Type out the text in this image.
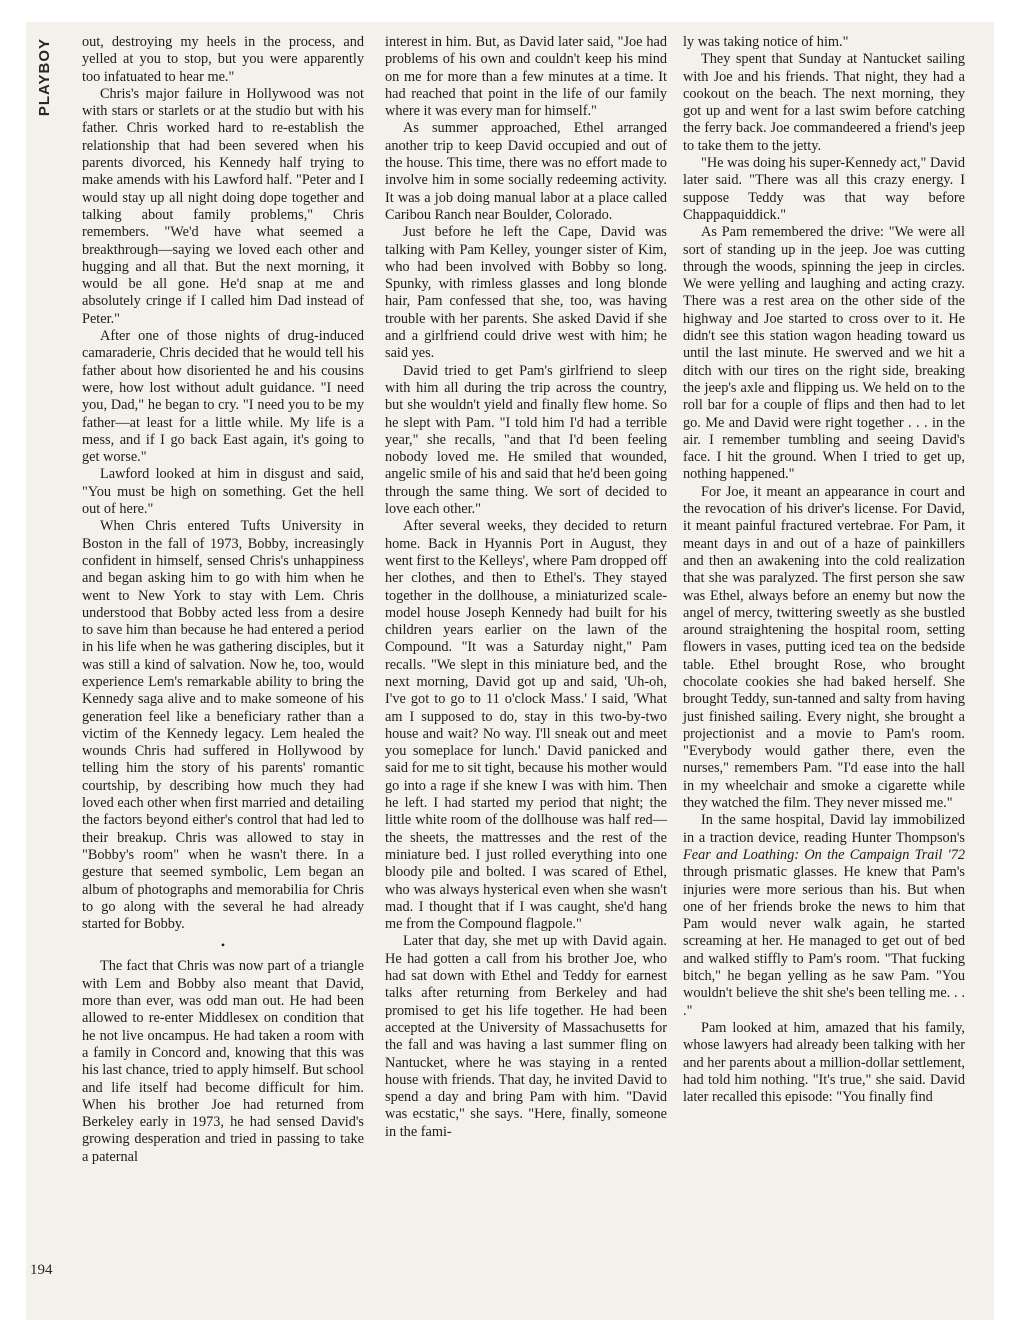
PLAYBOY
194

out, destroying my heels in the process, and yelled at you to stop, but you were apparently too infatuated to hear me."

Chris's major failure in Hollywood was not with stars or starlets or at the studio but with his father. Chris worked hard to re-establish the relationship that had been severed when his parents divorced, his Kennedy half trying to make amends with his Lawford half. "Peter and I would stay up all night doing dope together and talking about family problems," Chris remembers. "We'd have what seemed a breakthrough—saying we loved each other and hugging and all that. But the next morning, it would be all gone. He'd snap at me and absolutely cringe if I called him Dad instead of Peter."

After one of those nights of drug-induced camaraderie, Chris decided that he would tell his father about how disoriented he and his cousins were, how lost without adult guidance. "I need you, Dad," he began to cry. "I need you to be my father—at least for a little while. My life is a mess, and if I go back East again, it's going to get worse."

Lawford looked at him in disgust and said, "You must be high on something. Get the hell out of here."

When Chris entered Tufts University in Boston in the fall of 1973, Bobby, increasingly confident in himself, sensed Chris's unhappiness and began asking him to go with him when he went to New York to stay with Lem. Chris understood that Bobby acted less from a desire to save him than because he had entered a period in his life when he was gathering disciples, but it was still a kind of salvation. Now he, too, would experience Lem's remarkable ability to bring the Kennedy saga alive and to make someone of his generation feel like a beneficiary rather than a victim of the Kennedy legacy. Lem healed the wounds Chris had suffered in Hollywood by telling him the story of his parents' romantic courtship, by describing how much they had loved each other when first married and detailing the factors beyond either's control that had led to their breakup. Chris was allowed to stay in "Bobby's room" when he wasn't there. In a gesture that seemed symbolic, Lem began an album of photographs and memorabilia for Chris to go along with the several he had already started for Bobby.

•

The fact that Chris was now part of a triangle with Lem and Bobby also meant that David, more than ever, was odd man out. He had been allowed to re-enter Middlesex on condition that he not live oncampus. He had taken a room with a family in Concord and, knowing that this was his last chance, tried to apply himself. But school and life itself had become difficult for him. When his brother Joe had returned from Berkeley early in 1973, he had sensed David's growing desperation and tried in passing to take a paternal

interest in him. But, as David later said, "Joe had problems of his own and couldn't keep his mind on me for more than a few minutes at a time. It had reached that point in the life of our family where it was every man for himself."

As summer approached, Ethel arranged another trip to keep David occupied and out of the house. This time, there was no effort made to involve him in some socially redeeming activity. It was a job doing manual labor at a place called Caribou Ranch near Boulder, Colorado.

Just before he left the Cape, David was talking with Pam Kelley, younger sister of Kim, who had been involved with Bobby so long. Spunky, with rimless glasses and long blonde hair, Pam confessed that she, too, was having trouble with her parents. She asked David if she and a girlfriend could drive west with him; he said yes.

David tried to get Pam's girlfriend to sleep with him all during the trip across the country, but she wouldn't yield and finally flew home. So he slept with Pam. "I told him I'd had a terrible year," she recalls, "and that I'd been feeling nobody loved me. He smiled that wounded, angelic smile of his and said that he'd been going through the same thing. We sort of decided to love each other."

After several weeks, they decided to return home. Back in Hyannis Port in August, they went first to the Kelleys', where Pam dropped off her clothes, and then to Ethel's. They stayed together in the dollhouse, a miniaturized scale-model house Joseph Kennedy had built for his children years earlier on the lawn of the Compound. "It was a Saturday night," Pam recalls. "We slept in this miniature bed, and the next morning, David got up and said, 'Uh-oh, I've got to go to 11 o'clock Mass.' I said, 'What am I supposed to do, stay in this two-by-two house and wait? No way. I'll sneak out and meet you someplace for lunch.' David panicked and said for me to sit tight, because his mother would go into a rage if she knew I was with him. Then he left. I had started my period that night; the little white room of the dollhouse was half red—the sheets, the mattresses and the rest of the miniature bed. I just rolled everything into one bloody pile and bolted. I was scared of Ethel, who was always hysterical even when she wasn't mad. I thought that if I was caught, she'd hang me from the Compound flagpole."

Later that day, she met up with David again. He had gotten a call from his brother Joe, who had sat down with Ethel and Teddy for earnest talks after returning from Berkeley and had promised to get his life together. He had been accepted at the University of Massachusetts for the fall and was having a last summer fling on Nantucket, where he was staying in a rented house with friends. That day, he invited David to spend a day and bring Pam with him. "David was ecstatic," she says. "Here, finally, someone in the fami-

ly was taking notice of him."

They spent that Sunday at Nantucket sailing with Joe and his friends. That night, they had a cookout on the beach. The next morning, they got up and went for a last swim before catching the ferry back. Joe commandeered a friend's jeep to take them to the jetty.

"He was doing his super-Kennedy act," David later said. "There was all this crazy energy. I suppose Teddy was that way before Chappaquiddick."

As Pam remembered the drive: "We were all sort of standing up in the jeep. Joe was cutting through the woods, spinning the jeep in circles. We were yelling and laughing and acting crazy. There was a rest area on the other side of the highway and Joe started to cross over to it. He didn't see this station wagon heading toward us until the last minute. He swerved and we hit a ditch with our tires on the right side, breaking the jeep's axle and flipping us. We held on to the roll bar for a couple of flips and then had to let go. Me and David were right together . . . in the air. I remember tumbling and seeing David's face. I hit the ground. When I tried to get up, nothing happened."

For Joe, it meant an appearance in court and the revocation of his driver's license. For David, it meant painful fractured vertebrae. For Pam, it meant days in and out of a haze of painkillers and then an awakening into the cold realization that she was paralyzed. The first person she saw was Ethel, always before an enemy but now the angel of mercy, twittering sweetly as she bustled around straightening the hospital room, setting flowers in vases, putting iced tea on the bedside table. Ethel brought Rose, who brought chocolate cookies she had baked herself. She brought Teddy, sun-tanned and salty from having just finished sailing. Every night, she brought a projectionist and a movie to Pam's room. "Everybody would gather there, even the nurses," remembers Pam. "I'd ease into the hall in my wheelchair and smoke a cigarette while they watched the film. They never missed me."

In the same hospital, David lay immobilized in a traction device, reading Hunter Thompson's Fear and Loathing: On the Campaign Trail '72 through prismatic glasses. He knew that Pam's injuries were more serious than his. But when one of her friends broke the news to him that Pam would never walk again, he started screaming at her. He managed to get out of bed and walked stiffly to Pam's room. "That fucking bitch," he began yelling as he saw Pam. "You wouldn't believe the shit she's been telling me. . . ."

Pam looked at him, amazed that his family, whose lawyers had already been talking with her and her parents about a million-dollar settlement, had told him nothing. "It's true," she said. David later recalled this episode: "You finally find
